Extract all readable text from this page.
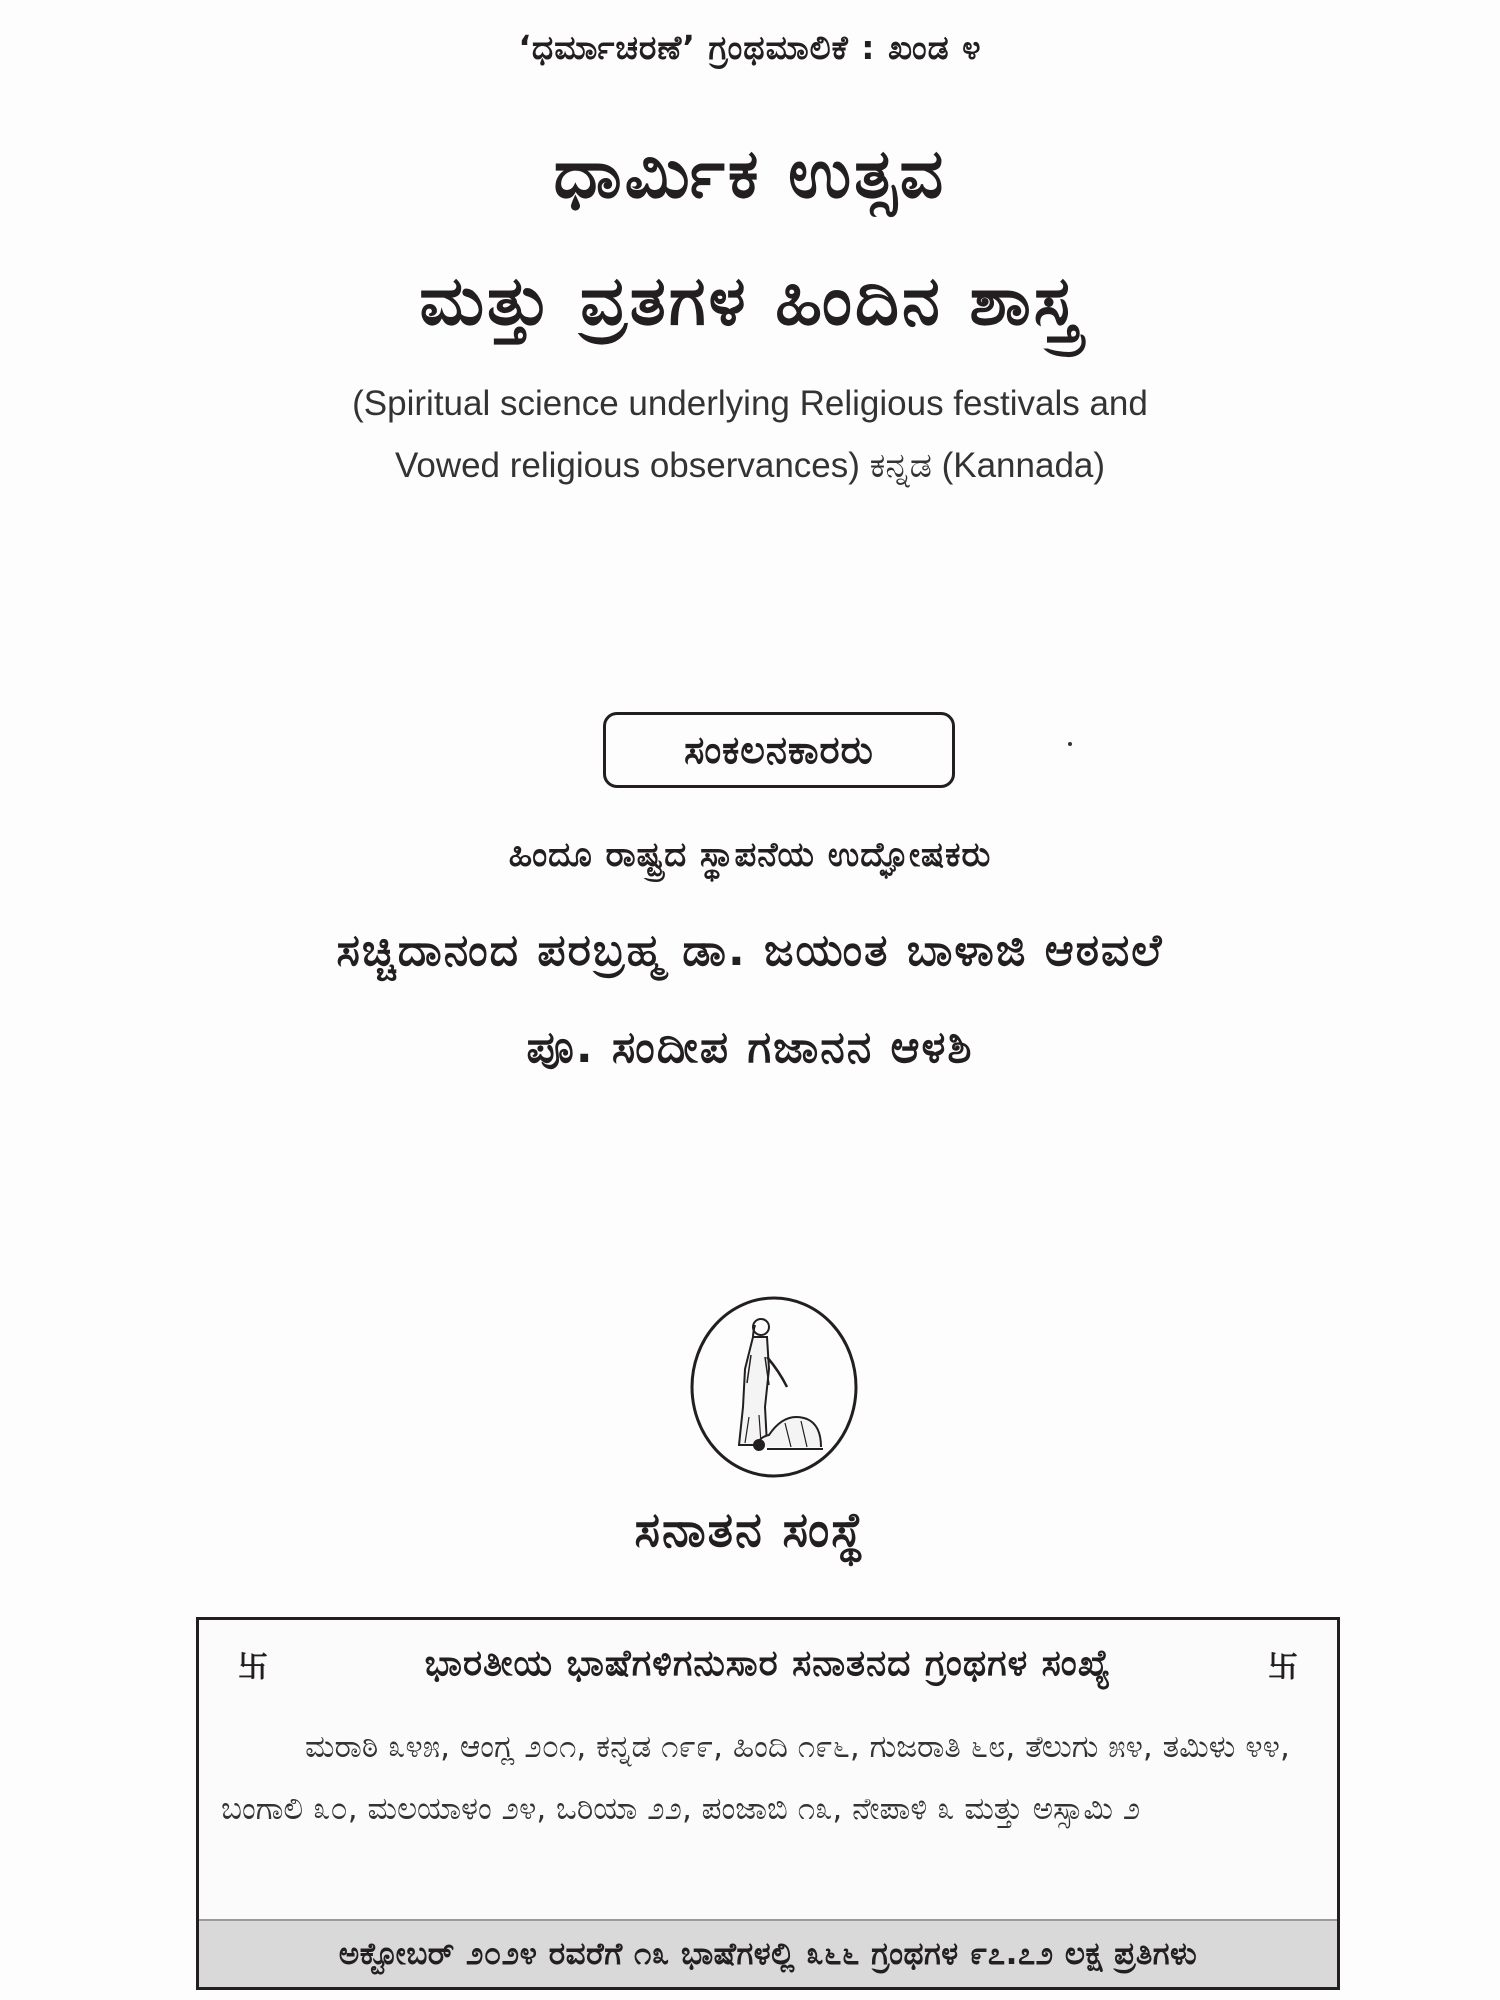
‘ಧರ್ಮಾಚರಣೆ’ ಗ್ರಂಥಮಾಲಿಕೆ : ಖಂಡ ೪
ಧಾರ್ಮಿಕ ಉತ್ಸವ
ಮತ್ತು ವ್ರತಗಳ ಹಿಂದಿನ ಶಾಸ್ತ್ರ
(Spiritual science underlying Religious festivals and
Vowed religious observances) ಕನ್ನಡ (Kannada)
ಸಂಕಲನಕಾರರು
ಹಿಂದೂ ರಾಷ್ಟ್ರದ ಸ್ಥಾಪನೆಯ ಉದ್ಘೋಷಕರು
ಸಚ್ಚಿದಾನಂದ ಪರಬ್ರಹ್ಮ ಡಾ. ಜಯಂತ ಬಾಳಾಜಿ ಆಠವಲೆ
ಪೂ. ಸಂದೀಪ ಗಜಾನನ ಆಳಶಿ
ಸನಾತನ ಸಂಸ್ಥೆ
卐	ಭಾರತೀಯ ಭಾಷೆಗಳಿಗನುಸಾರ ಸನಾತನದ ಗ್ರಂಥಗಳ ಸಂಖ್ಯೆ	卐
ಮರಾಠಿ ೩೪೫, ಆಂಗ್ಲ ೨೦೧, ಕನ್ನಡ ೧೯೯, ಹಿಂದಿ ೧೯೬, ಗುಜರಾತಿ ೬೮, ತೆಲುಗು ೫೪, ತಮಿಳು ೪೪, ಬಂಗಾಲಿ ೩೦, ಮಲಯಾಳಂ ೨೪, ಒರಿಯಾ ೨೨, ಪಂಜಾಬಿ ೧೩, ನೇಪಾಳಿ ೩ ಮತ್ತು ಅಸ್ಸಾಮಿ ೨
ಅಕ್ಟೋಬರ್ ೨೦೨೪ ರವರೆಗೆ ೧೩ ಭಾಷೆಗಳಲ್ಲಿ ೩೬೬ ಗ್ರಂಥಗಳ ೯೭.೭೨ ಲಕ್ಷ ಪ್ರತಿಗಳು
